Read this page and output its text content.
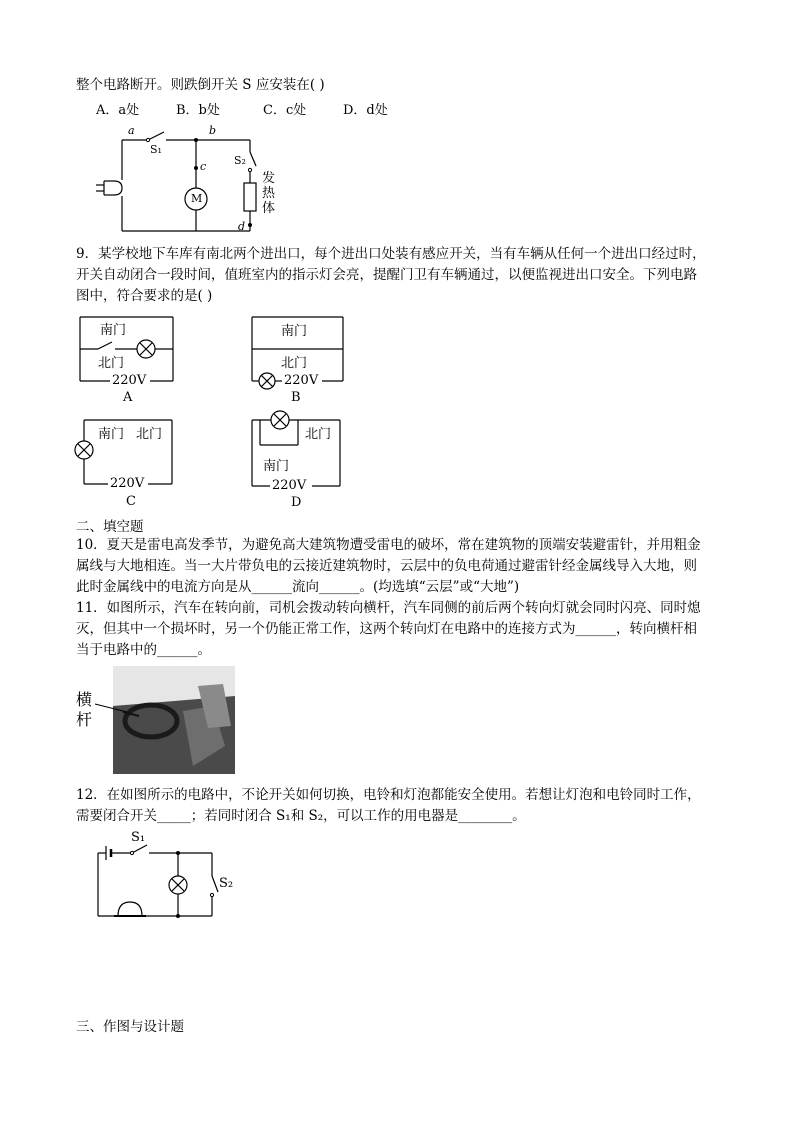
整个电路断开。则跌倒开关 S 应安装在( )
A．a处	B．b处	C．c处	D．d处
a	b
c
d
S₁
S₂
M
发
热
体
9．某学校地下车库有南北两个进出口，每个进出口处装有感应开关，当有车辆从任何一个进出口经过时，
开关自动闭合一段时间，值班室内的指示灯会亮，提醒门卫有车辆通过，以便监视进出口安全。下列电路
图中，符合要求的是( )
南门
北门
220V
A
南门
北门
220V
B
南门 北门
220V
C
北门
南门
220V
D
二、填空题
10．夏天是雷电高发季节，为避免高大建筑物遭受雷电的破坏，常在建筑物的顶端安装避雷针，并用粗金
属线与大地相连。当一大片带负电的云接近建筑物时，云层中的负电荷通过避雷针经金属线导入大地，则
此时金属线中的电流方向是从______流向______。(均选填“云层”或“大地”)
11．如图所示，汽车在转向前，司机会拨动转向横杆，汽车同侧的前后两个转向灯就会同时闪亮、同时熄
灭，但其中一个损坏时，另一个仍能正常工作，这两个转向灯在电路中的连接方式为______，转向横杆相
当于电路中的______。
横
杆
12．在如图所示的电路中，不论开关如何切换，电铃和灯泡都能安全使用。若想让灯泡和电铃同时工作，
需要闭合开关_____；若同时闭合 S₁和 S₂，可以工作的用电器是________。
S₁
S₂
三、作图与设计题
